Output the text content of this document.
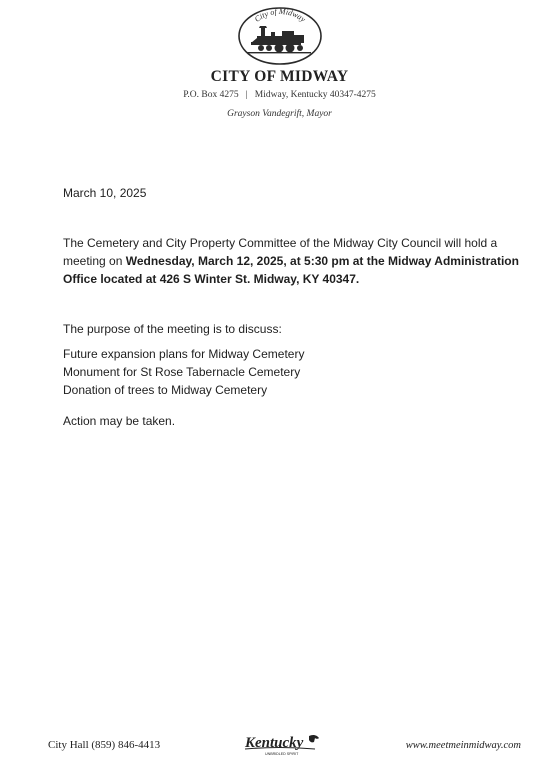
City of Midway
CITY OF MIDWAY
P.O. Box 4275 | Midway, Kentucky 40347-4275
Grayson Vandegrift, Mayor
March 10, 2025
The Cemetery and City Property Committee of the Midway City Council will hold a meeting on Wednesday, March 12, 2025, at 5:30 pm at the Midway Administration Office located at 426 S Winter St. Midway, KY 40347.
The purpose of the meeting is to discuss:
Future expansion plans for Midway Cemetery
Monument for St Rose Tabernacle Cemetery
Donation of trees to Midway Cemetery
Action may be taken.
City Hall (859) 846-4413	Kentucky
UNBRIDLED SPIRIT
www.meetmeinmidway.com
